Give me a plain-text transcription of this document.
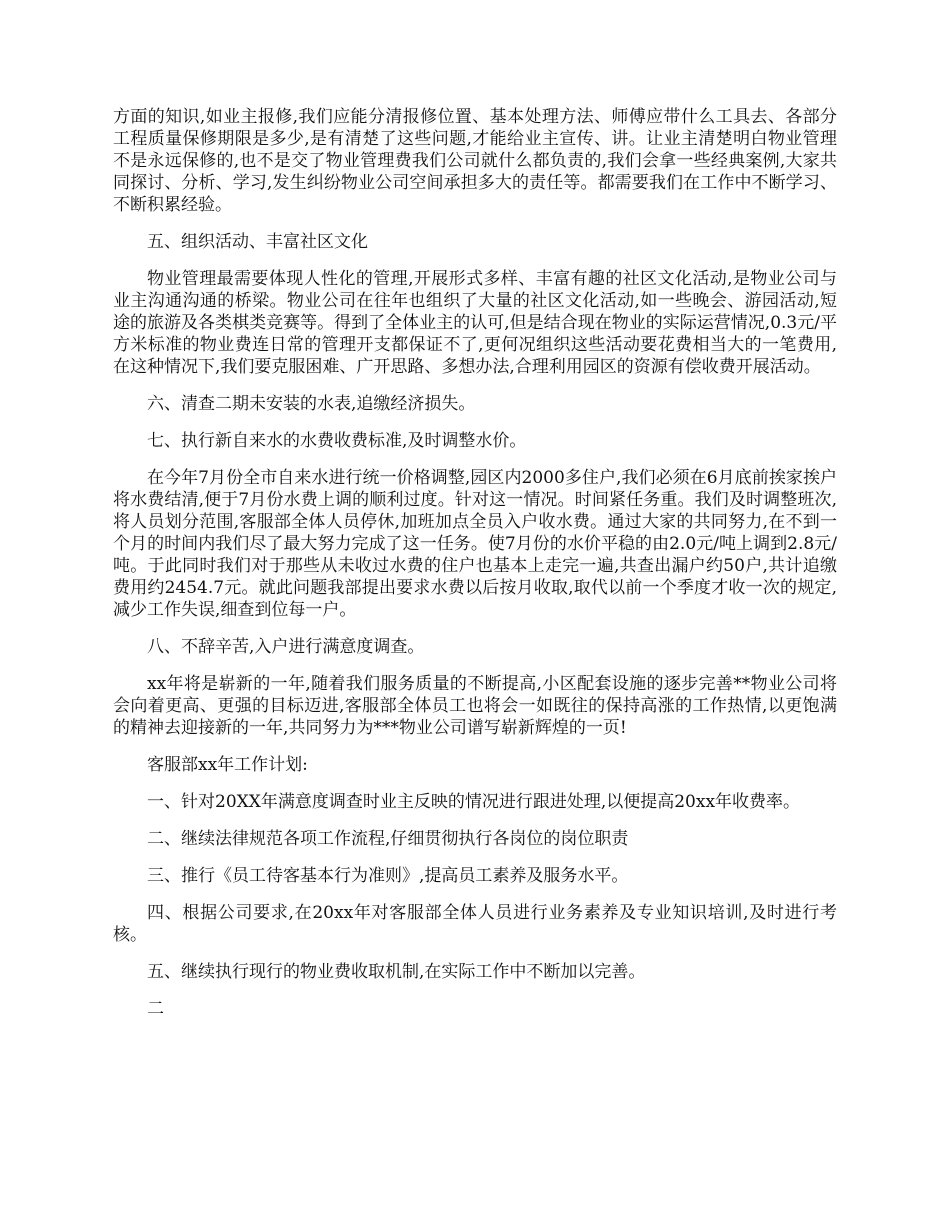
方面的知识,如业主报修,我们应能分清报修位置、基本处理方法、师傅应带什么工具去、各部分工程质量保修期限是多少,是有清楚了这些问题,才能给业主宣传、讲。让业主清楚明白物业管理不是永远保修的,也不是交了物业管理费我们公司就什么都负责的,我们会拿一些经典案例,大家共同探讨、分析、学习,发生纠纷物业公司空间承担多大的责任等。都需要我们在工作中不断学习、不断积累经验。

五、组织活动、丰富社区文化

物业管理最需要体现人性化的管理,开展形式多样、丰富有趣的社区文化活动,是物业公司与业主沟通沟通的桥梁。物业公司在往年也组织了大量的社区文化活动,如一些晚会、游园活动,短途的旅游及各类棋类竞赛等。得到了全体业主的认可,但是结合现在物业的实际运营情况,0.3元/平方米标准的物业费连日常的管理开支都保证不了,更何况组织这些活动要花费相当大的一笔费用,在这种情况下,我们要克服困难、广开思路、多想办法,合理利用园区的资源有偿收费开展活动。

六、清查二期未安装的水表,追缴经济损失。

七、执行新自来水的水费收费标准,及时调整水价。

在今年7月份全市自来水进行统一价格调整,园区内2000多住户,我们必须在6月底前挨家挨户将水费结清,便于7月份水费上调的顺利过度。针对这一情况。时间紧任务重。我们及时调整班次,将人员划分范围,客服部全体人员停休,加班加点全员入户收水费。通过大家的共同努力,在不到一个月的时间内我们尽了最大努力完成了这一任务。使7月份的水价平稳的由2.0元/吨上调到2.8元/吨。于此同时我们对于那些从未收过水费的住户也基本上走完一遍,共查出漏户约50户,共计追缴费用约2454.7元。就此问题我部提出要求水费以后按月收取,取代以前一个季度才收一次的规定,减少工作失误,细查到位每一户。

八、不辞辛苦,入户进行满意度调查。

xx年将是崭新的一年,随着我们服务质量的不断提高,小区配套设施的逐步完善**物业公司将会向着更高、更强的目标迈进,客服部全体员工也将会一如既往的保持高涨的工作热情,以更饱满的精神去迎接新的一年,共同努力为***物业公司谱写崭新辉煌的一页!

客服部xx年工作计划:

一、针对20XX年满意度调查时业主反映的情况进行跟进处理,以便提高20xx年收费率。

二、继续法律规范各项工作流程,仔细贯彻执行各岗位的岗位职责

三、推行《员工待客基本行为准则》,提高员工素养及服务水平。

四、根据公司要求,在20xx年对客服部全体人员进行业务素养及专业知识培训,及时进行考核。

五、继续执行现行的物业费收取机制,在实际工作中不断加以完善。

二
